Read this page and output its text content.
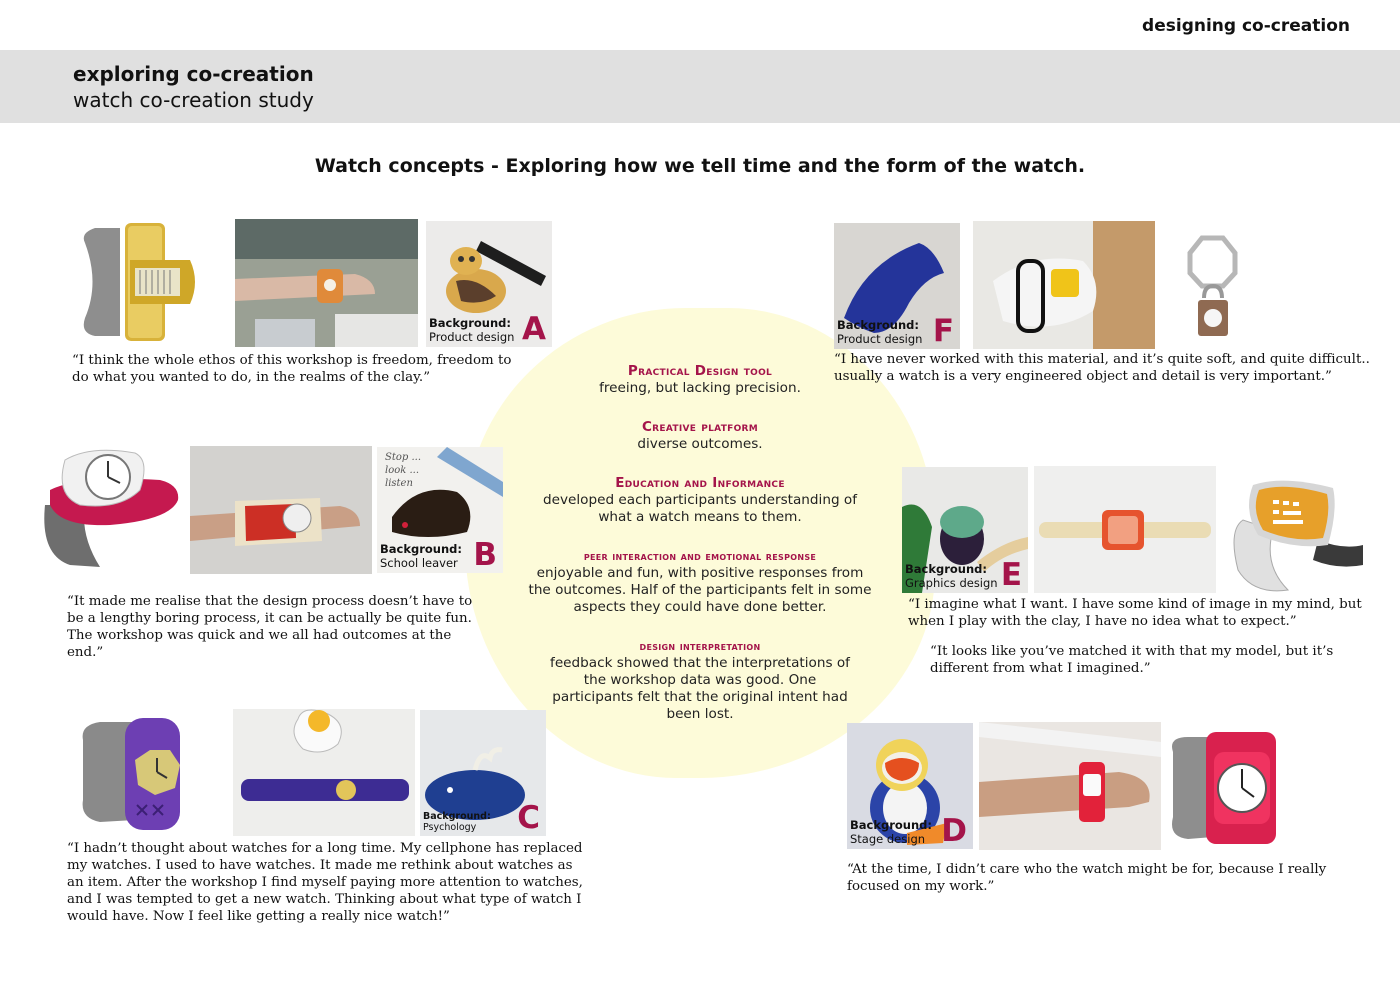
designing co-creation
exploring co-creation
watch co-creation study
Watch concepts - Exploring how we tell time and the form of the watch.
Practical Design tool
freeing, but lacking precision.
Creative platform
diverse outcomes.
Education and Informance
developed each participants understanding of what a watch means to them.
peer interaction and emotional response
enjoyable and fun, with positive responses from the outcomes. Half of the participants felt in some aspects they could have done better.
design interpretation
feedback showed that the interpretations of the workshop data was good. One participants felt that the original intent had been lost.
Background:
Product design A
“I think the whole ethos of this workshop is freedom, freedom to do what you wanted to do, in the realms of the clay.”
Stop ... look ... listen
Background:
School leaver B
“It made me realise that the design process doesn’t have to be a lengthy boring process, it can be actually be quite fun. The workshop was quick and we all had outcomes at the end.”
Background:
Psychology	C
“I hadn’t thought about watches for a long time. My cellphone has replaced my watches. I used to have watches. It made me rethink about watches as an item. After the workshop I find myself paying more attention to watches, and I was tempted to get a new watch. Thinking about what type of watch I would have. Now I feel like getting a really nice watch!”
Background:
Product design F
“I have never worked with this material, and it’s quite soft, and quite difficult.. usually a watch is a very engineered object and detail is very important.”
Background:
Graphics design E
“I imagine what I want. I have some kind of image in my mind, but when I play with the clay, I have no idea what to expect.”
“It looks like you’ve matched it with that my model, but it’s different from what I imagined.”
Background:
Stage design D
“At the time, I didn’t care who the watch might be for, because I really focused on my work.”
